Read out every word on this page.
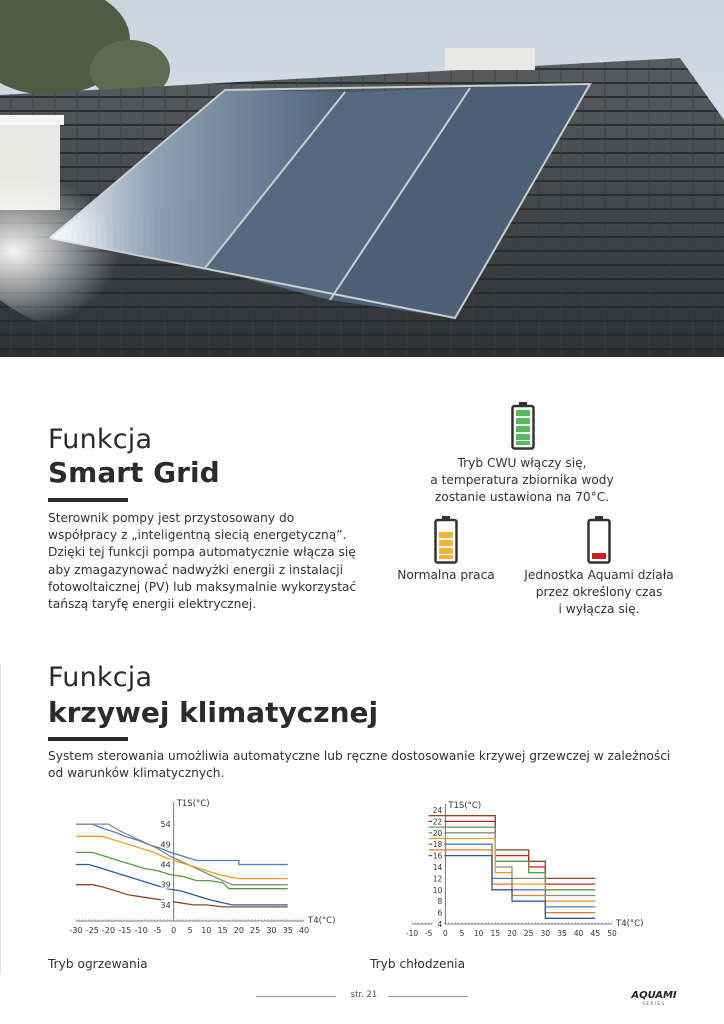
Funkcja
Smart Grid

Sterownik pompy jest przystosowany do
współpracy z „inteligentną siecią energetyczną”.
Dzięki tej funkcji pompa automatycznie włącza się
aby zmagazynować nadwyżki energii z instalacji
fotowoltaicznej (PV) lub maksymalnie wykorzystać
tańszą taryfę energii elektrycznej.

Tryb CWU włączy się,
a temperatura zbiornika wody
zostanie ustawiona na 70°C.
Normalna praca	Jednostka Aquami działa
przez określony czas
i wyłącza się.
Funkcja
krzywej klimatycznej

System sterowania umożliwia automatyczne lub ręczne dostosowanie krzywej grzewczej w zależności
od warunków klimatycznych.

-30 -25 -20 -15 -10 -5 0 5 10 15 20 25 30 35 40
54
49
44
39
34
T1S(°C)
T4(°C)
Tryb ogrzewania
-10 -5 0 5 10 15 20 25 30 35 40 45 50
24
22
20
18
16
14
12
10
8
6
4
T1S(°C)
T4(°C)
Tryb chłodzenia
str. 21	AQUAMI
SERIES
